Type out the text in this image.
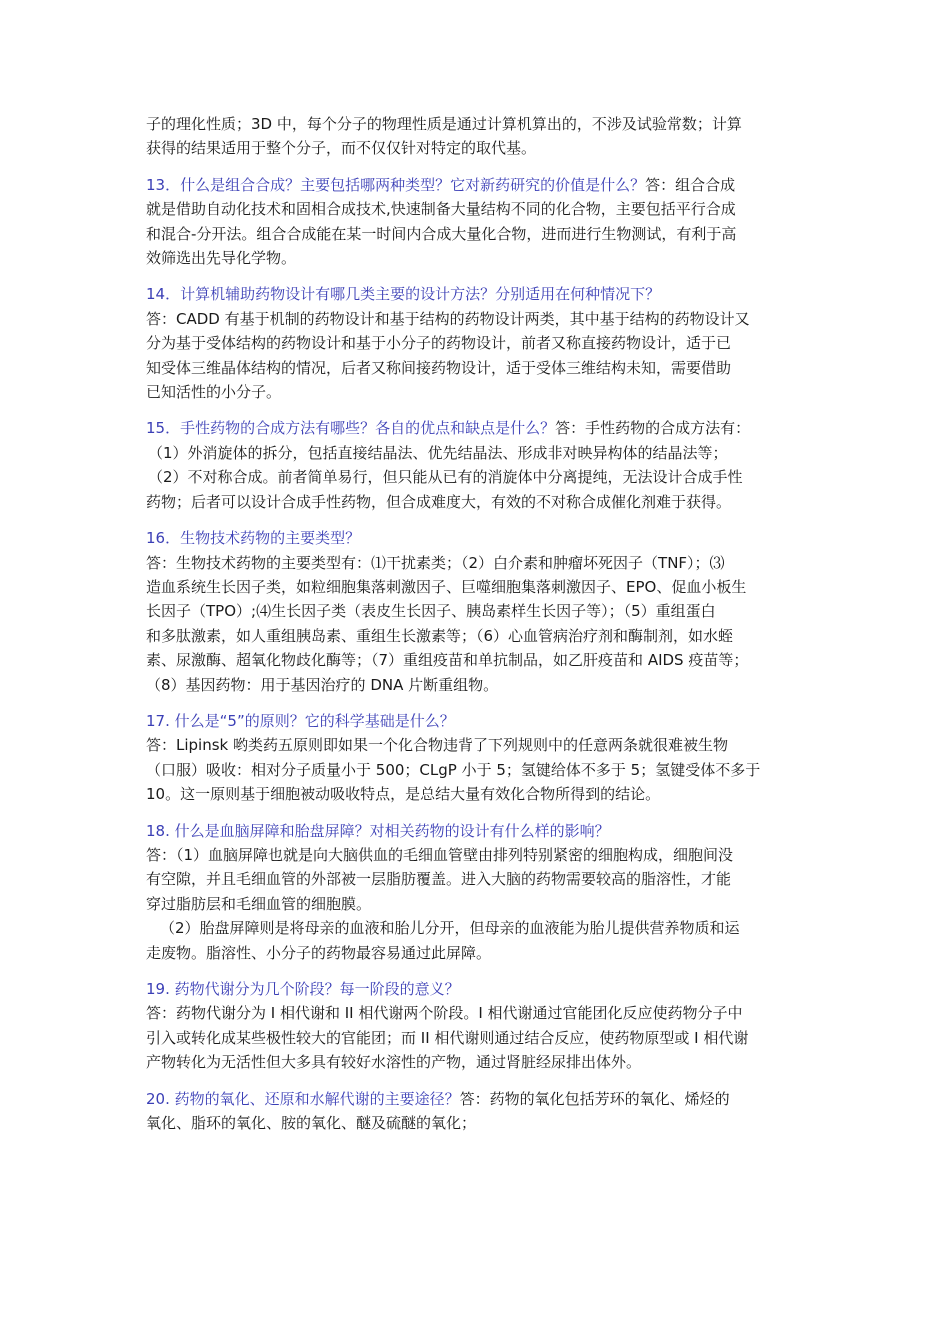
子的理化性质；3D 中，每个分子的物理性质是通过计算机算出的，不涉及试验常数；计算
获得的结果适用于整个分子，而不仅仅针对特定的取代基。
13．什么是组合合成？主要包括哪两种类型？它对新药研究的价值是什么？答：组合合成
就是借助自动化技术和固相合成技术,快速制备大量结构不同的化合物，主要包括平行合成
和混合-分开法。组合合成能在某一时间内合成大量化合物，进而进行生物测试，有利于高
效筛选出先导化学物。
14．计算机辅助药物设计有哪几类主要的设计方法？分别适用在何种情况下？
答：CADD 有基于机制的药物设计和基于结构的药物设计两类，其中基于结构的药物设计又
分为基于受体结构的药物设计和基于小分子的药物设计，前者又称直接药物设计，适于已
知受体三维晶体结构的情况，后者又称间接药物设计，适于受体三维结构未知，需要借助
已知活性的小分子。
15．手性药物的合成方法有哪些？各自的优点和缺点是什么？答：手性药物的合成方法有：
（1）外消旋体的拆分，包括直接结晶法、优先结晶法、形成非对映异构体的结晶法等；
（2）不对称合成。前者简单易行，但只能从已有的消旋体中分离提纯，无法设计合成手性
药物；后者可以设计合成手性药物，但合成难度大，有效的不对称合成催化剂难于获得。
16．生物技术药物的主要类型？
答：生物技术药物的主要类型有：⑴干扰素类；（2）白介素和肿瘤坏死因子（TNF）；⑶
造血系统生长因子类，如粒细胞集落刺激因子、巨噬细胞集落刺激因子、EPO、促血小板生
长因子（TPO）;⑷生长因子类（表皮生长因子、胰岛素样生长因子等）；（5）重组蛋白
和多肽激素，如人重组胰岛素、重组生长激素等；（6）心血管病治疗剂和酶制剂，如水蛭
素、尿激酶、超氧化物歧化酶等；（7）重组疫苗和单抗制品，如乙肝疫苗和 AIDS 疫苗等；
（8）基因药物：用于基因治疗的 DNA 片断重组物。
17. 什么是“5”的原则？它的科学基础是什么？
答：Lipinsk 哟类药五原则即如果一个化合物违背了下列规则中的任意两条就很难被生物
（口服）吸收：相对分子质量小于 500；CLgP 小于 5；氢键给体不多于 5；氢键受体不多于
10。这一原则基于细胞被动吸收特点，是总结大量有效化合物所得到的结论。
18. 什么是血脑屏障和胎盘屏障？对相关药物的设计有什么样的影响？
答：（1）血脑屏障也就是向大脑供血的毛细血管壁由排列特别紧密的细胞构成，细胞间没
有空隙，并且毛细血管的外部被一层脂肪覆盖。进入大脑的药物需要较高的脂溶性，才能
穿过脂肪层和毛细血管的细胞膜。
（2）胎盘屏障则是将母亲的血液和胎儿分开，但母亲的血液能为胎儿提供营养物质和运
走废物。脂溶性、小分子的药物最容易通过此屏障。
19. 药物代谢分为几个阶段？每一阶段的意义？
答：药物代谢分为 I 相代谢和 II 相代谢两个阶段。I 相代谢通过官能团化反应使药物分子中
引入或转化成某些极性较大的官能团；而 II 相代谢则通过结合反应，使药物原型或 I 相代谢
产物转化为无活性但大多具有较好水溶性的产物，通过肾脏经尿排出体外。
20. 药物的氧化、还原和水解代谢的主要途径？答：药物的氧化包括芳环的氧化、烯烃的
氧化、脂环的氧化、胺的氧化、醚及硫醚的氧化；
